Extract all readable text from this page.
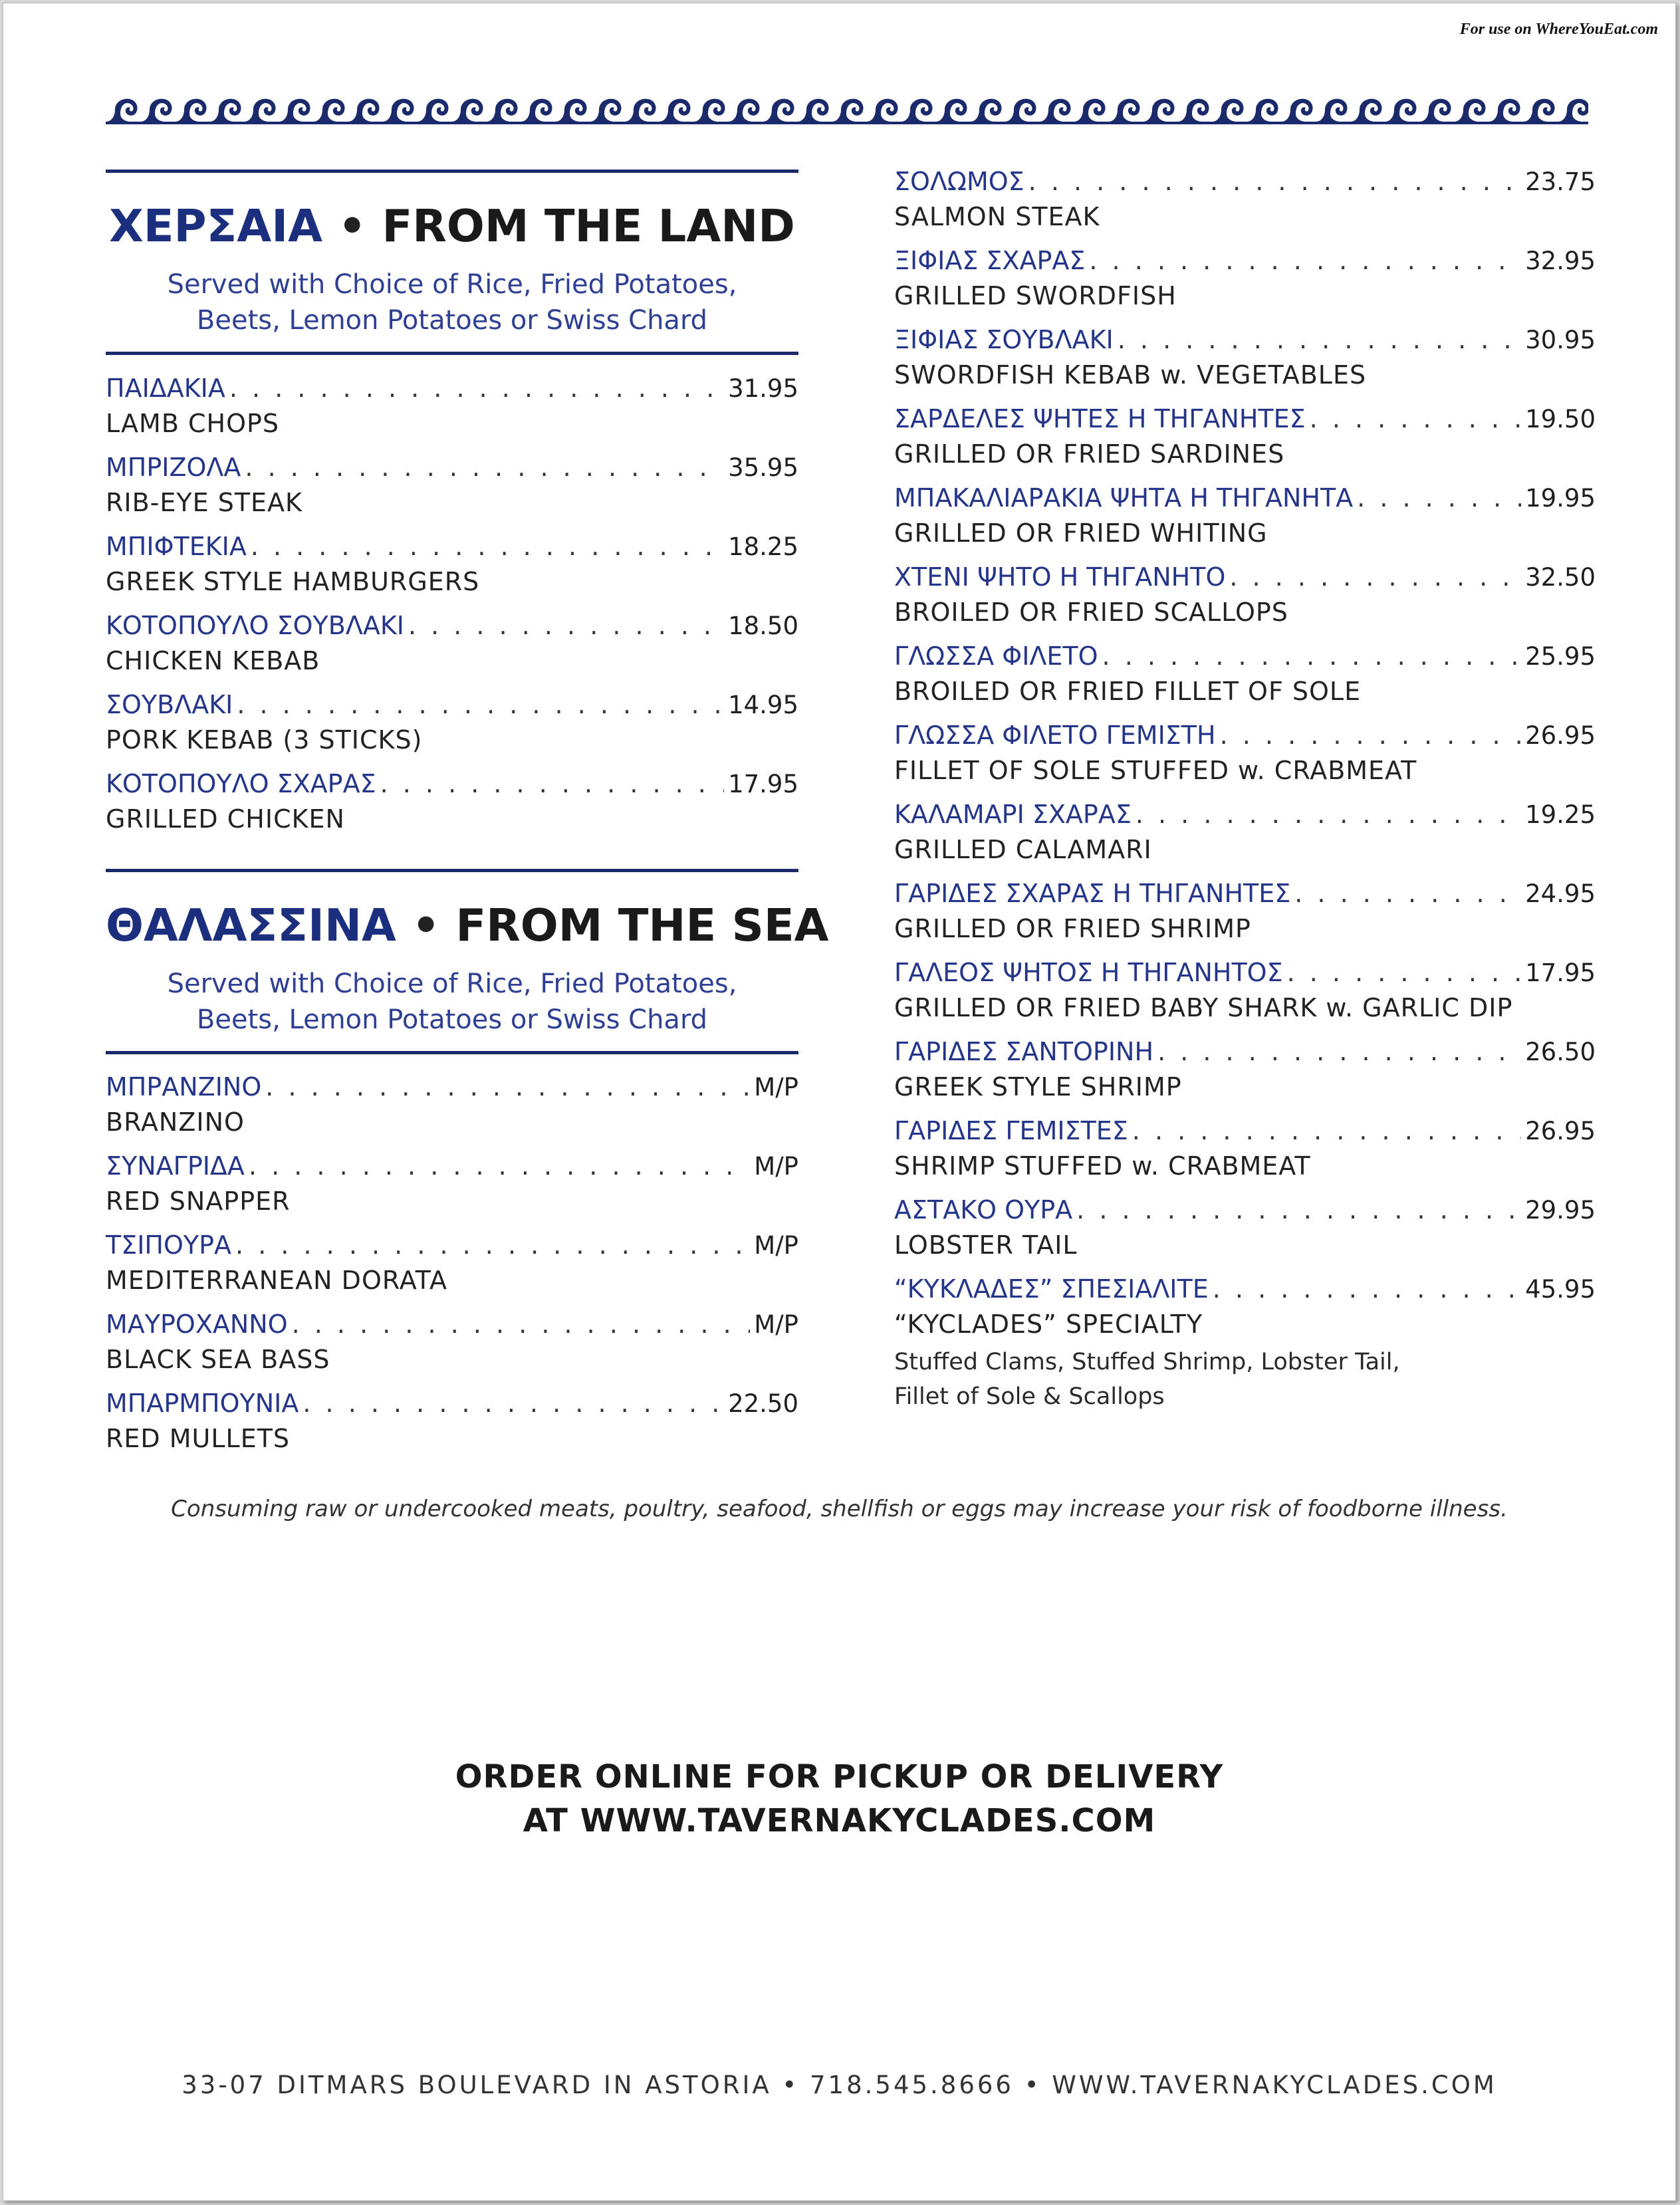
For use on WhereYouEat.com
ΧΕΡΣΑΙΑ • FROM THE LAND
Served with Choice of Rice, Fried Potatoes,
Beets, Lemon Potatoes or Swiss Chard
ΠΑΙΔΑΚΙΑ . . .	31.95
LAMB CHOPS
ΜΠΡΙΖΟΛΑ . . .	35.95
RIB-EYE STEAK
ΜΠΙΦΤΕΚΙΑ . . .	18.25
GREEK STYLE HAMBURGERS
ΚΟΤΟΠΟΥΛΟ ΣΟΥΒΛΑΚΙ . . .	18.50
CHICKEN KEBAB
ΣΟΥΒΛΑΚΙ . . .	14.95
PORK KEBAB (3 STICKS)
ΚΟΤΟΠΟΥΛΟ ΣΧΑΡΑΣ . . .	17.95
GRILLED CHICKEN
ΘΑΛΑΣΣΙΝΑ • FROM THE SEA
Served with Choice of Rice, Fried Potatoes,
Beets, Lemon Potatoes or Swiss Chard
ΜΠΡΑΝΖΙΝΟ . . .	M/P
BRANZINO
ΣΥΝΑΓΡΙΔΑ . . .	M/P
RED SNAPPER
ΤΣΙΠΟΥΡΑ . . .	M/P
MEDITERRANEAN DORATA
ΜΑΥΡΟΧΑΝΝΟ . . .	M/P
BLACK SEA BASS
ΜΠΑΡΜΠΟΥΝΙΑ . . .	22.50
RED MULLETS
ΣΟΛΩΜΟΣ . . .	23.75
SALMON STEAK
ΞΙΦΙΑΣ ΣΧΑΡΑΣ . . .	32.95
GRILLED SWORDFISH
ΞΙΦΙΑΣ ΣΟΥΒΛΑΚΙ . . .	30.95
SWORDFISH KEBAB w. VEGETABLES
ΣΑΡΔΕΛΕΣ ΨΗΤΕΣ Η ΤΗΓΑΝΗΤΕΣ . . .	19.50
GRILLED OR FRIED SARDINES
ΜΠΑΚΑΛΙΑΡΑΚΙΑ ΨΗΤΑ Η ΤΗΓΑΝΗΤΑ . . .	19.95
GRILLED OR FRIED WHITING
ΧΤΕΝΙ ΨΗΤΟ Η ΤΗΓΑΝΗΤΟ . . .	32.50
BROILED OR FRIED SCALLOPS
ΓΛΩΣΣΑ ΦΙΛΕΤΟ . . .	25.95
BROILED OR FRIED FILLET OF SOLE
ΓΛΩΣΣΑ ΦΙΛΕΤΟ ΓΕΜΙΣΤΗ . . .	26.95
FILLET OF SOLE STUFFED w. CRABMEAT
ΚΑΛΑΜΑΡΙ ΣΧΑΡΑΣ . . .	19.25
GRILLED CALAMARI
ΓΑΡΙΔΕΣ ΣΧΑΡΑΣ Η ΤΗΓΑΝΗΤΕΣ . . .	24.95
GRILLED OR FRIED SHRIMP
ΓΑΛΕΟΣ ΨΗΤΟΣ Η ΤΗΓΑΝΗΤΟΣ . . .	17.95
GRILLED OR FRIED BABY SHARK w. GARLIC DIP
ΓΑΡΙΔΕΣ ΣΑΝΤΟΡΙΝΗ . . .	26.50
GREEK STYLE SHRIMP
ΓΑΡΙΔΕΣ ΓΕΜΙΣΤΕΣ . . .	26.95
SHRIMP STUFFED w. CRABMEAT
ΑΣΤΑΚΟ ΟΥΡΑ . . .	29.95
LOBSTER TAIL
“ΚΥΚΛΑΔΕΣ” ΣΠΕΣΙΑΛΙΤΕ . . .	45.95
“KYCLADES” SPECIALTY
Stuffed Clams, Stuffed Shrimp, Lobster Tail,
Fillet of Sole & Scallops
Consuming raw or undercooked meats, poultry, seafood, shellfish or eggs may increase your risk of foodborne illness.
ORDER ONLINE FOR PICKUP OR DELIVERY
AT WWW.TAVERNAKYCLADES.COM
33-07 DITMARS BOULEVARD IN ASTORIA • 718.545.8666 • WWW.TAVERNAKYCLADES.COM
